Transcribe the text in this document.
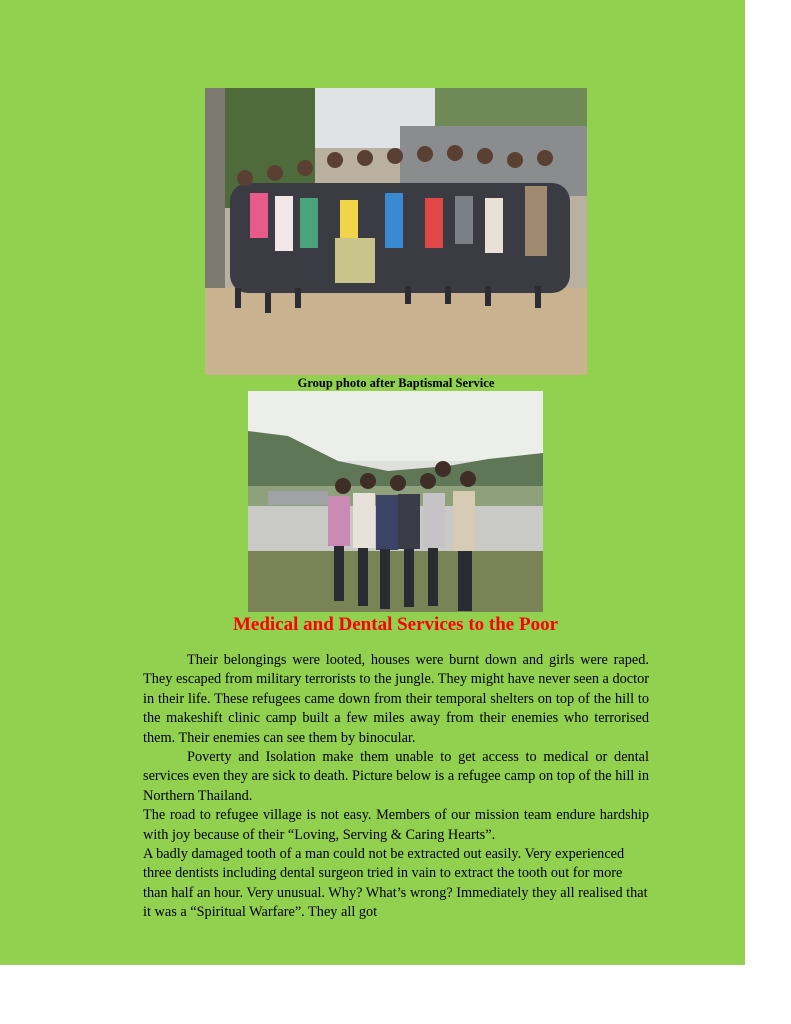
Group photo after Baptismal Service
Medical and Dental Services to the Poor

Their belongings were looted, houses were burnt down and girls were raped. They escaped from military terrorists to the jungle. They might have never seen a doctor in their life. These refugees came down from their temporal shelters on top of the hill to the makeshift clinic camp built a few miles away from their enemies who terrorised them. Their enemies can see them by binocular.

Poverty and Isolation make them unable to get access to medical or dental services even they are sick to death. Picture below is a refugee camp on top of the hill in Northern Thailand.

The road to refugee village is not easy. Members of our mission team endure hardship with joy because of their “Loving, Serving & Caring Hearts”.

A badly damaged tooth of a man could not be extracted out easily. Very experienced three dentists including dental surgeon tried in vain to extract the tooth out for more than half an hour. Very unusual. Why? What’s wrong? Immediately they all realised that it was a “Spiritual Warfare”. They all got
